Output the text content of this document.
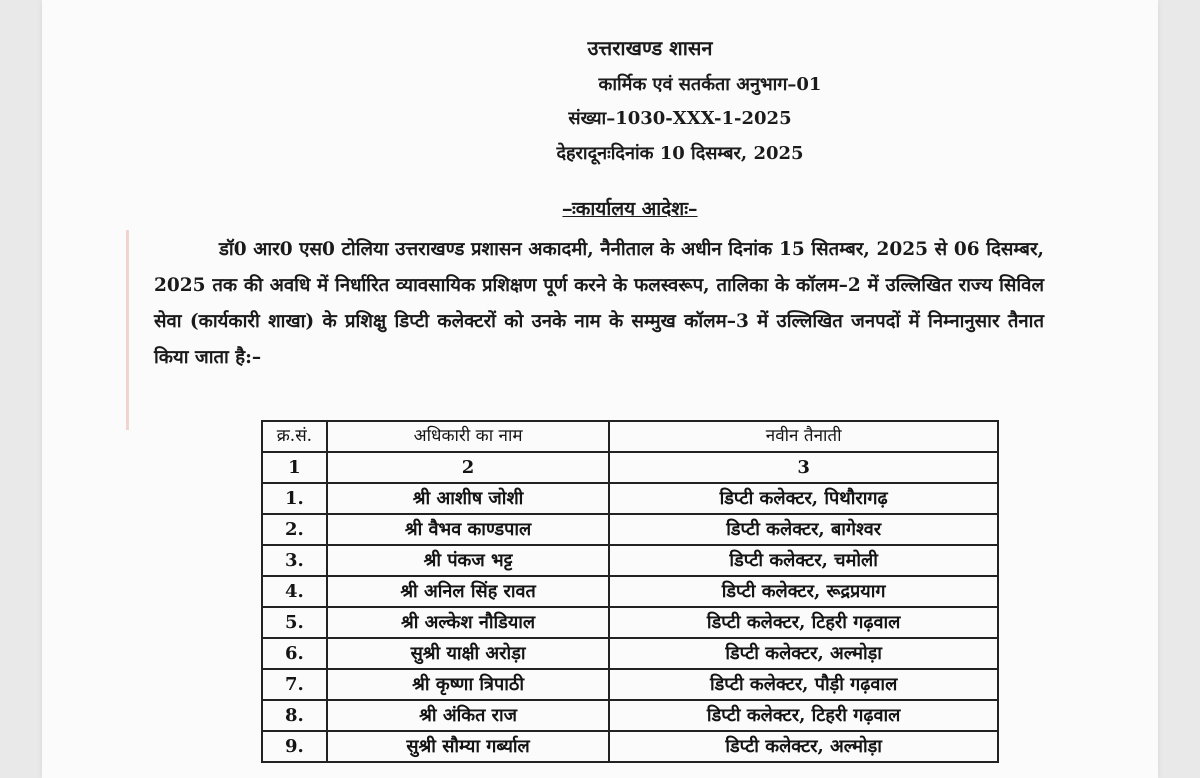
उत्तराखण्ड शासन
कार्मिक एवं सतर्कता अनुभाग–01
संख्या–1030-XXX-1-2025
देहरादूनःदिनांक 10 दिसम्बर, 2025
–ःकार्यालय आदेशः–
डॉ0 आर0 एस0 टोलिया उत्तराखण्ड प्रशासन अकादमी, नैनीताल के अधीन दिनांक 15 सितम्बर, 2025 से 06 दिसम्बर, 2025 तक की अवधि में निर्धारित व्यावसायिक प्रशिक्षण पूर्ण करने के फलस्वरूप, तालिका के कॉलम–2 में उल्लिखित राज्य सिविल सेवा (कार्यकारी शाखा) के प्रशिक्षु डिप्टी कलेक्टरों को उनके नाम के सम्मुख कॉलम–3 में उल्लिखित जनपदों में निम्नानुसार तैनात किया जाता है:–
क्र.सं.	अधिकारी का नाम	नवीन तैनाती
1	2	3
1.	श्री आशीष जोशी	डिप्टी कलेक्टर, पिथौरागढ़
2.	श्री वैभव काण्डपाल	डिप्टी कलेक्टर, बागेश्वर
3.	श्री पंकज भट्ट	डिप्टी कलेक्टर, चमोली
4.	श्री अनिल सिंह रावत	डिप्टी कलेक्टर, रूद्रप्रयाग
5.	श्री अल्केश नौडियाल	डिप्टी कलेक्टर, टिहरी गढ़वाल
6.	सुश्री याक्षी अरोड़ा	डिप्टी कलेक्टर, अल्मोड़ा
7.	श्री कृष्णा त्रिपाठी	डिप्टी कलेक्टर, पौड़ी गढ़वाल
8.	श्री अंकित राज	डिप्टी कलेक्टर, टिहरी गढ़वाल
9.	सुश्री सौम्या गर्ब्याल	डिप्टी कलेक्टर, अल्मोड़ा
